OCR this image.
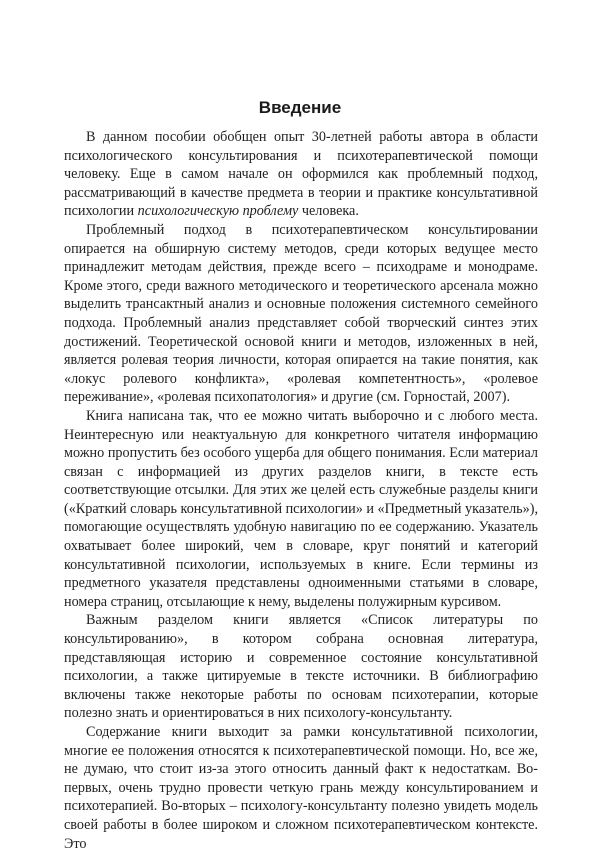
Введение

В данном пособии обобщен опыт 30-летней работы автора в области психологического консультирования и психотерапевтической помощи человеку. Еще в самом начале он оформился как проблемный подход, рассматривающий в качестве предмета в теории и практике консультативной психологии психологическую проблему человека.

Проблемный подход в психотерапевтическом консультировании опирается на обширную систему методов, среди которых ведущее место принадлежит методам действия, прежде всего – психодраме и монодраме. Кроме этого, среди важного методического и теоретического арсенала можно выделить трансактный анализ и основные положения системного семейного подхода. Проблемный анализ представляет собой творческий синтез этих достижений. Теоретической основой книги и методов, изложенных в ней, является ролевая теория личности, которая опирается на такие понятия, как «локус ролевого конфликта», «ролевая компетентность», «ролевое переживание», «ролевая психопатология» и другие (см. Горностай, 2007).

Книга написана так, что ее можно читать выборочно и с любого места. Неинтересную или неактуальную для конкретного читателя информацию можно пропустить без особого ущерба для общего понимания. Если материал связан с информацией из других разделов книги, в тексте есть соответствующие отсылки. Для этих же целей есть служебные разделы книги («Краткий словарь консультативной психологии» и «Предметный указатель»), помогающие осуществлять удобную навигацию по ее содержанию. Указатель охватывает более широкий, чем в словаре, круг понятий и категорий консультативной психологии, используемых в книге. Если термины из предметного указателя представлены одноименными статьями в словаре, номера страниц, отсылающие к нему, выделены полужирным курсивом.

Важным разделом книги является «Список литературы по консультированию», в котором собрана основная литература, представляющая историю и современное состояние консультативной психологии, а также цитируемые в тексте источники. В библиографию включены также некоторые работы по основам психотерапии, которые полезно знать и ориентироваться в них психологу-консультанту.

Содержание книги выходит за рамки консультативной психологии, многие ее положения относятся к психотерапевтической помощи. Но, все же, не думаю, что стоит из-за этого относить данный факт к недостаткам. Во-первых, очень трудно провести четкую грань между консультированием и психотерапией. Во-вторых – психологу-консультанту полезно увидеть модель своей работы в более широком и сложном психотерапевтическом контексте. Это
